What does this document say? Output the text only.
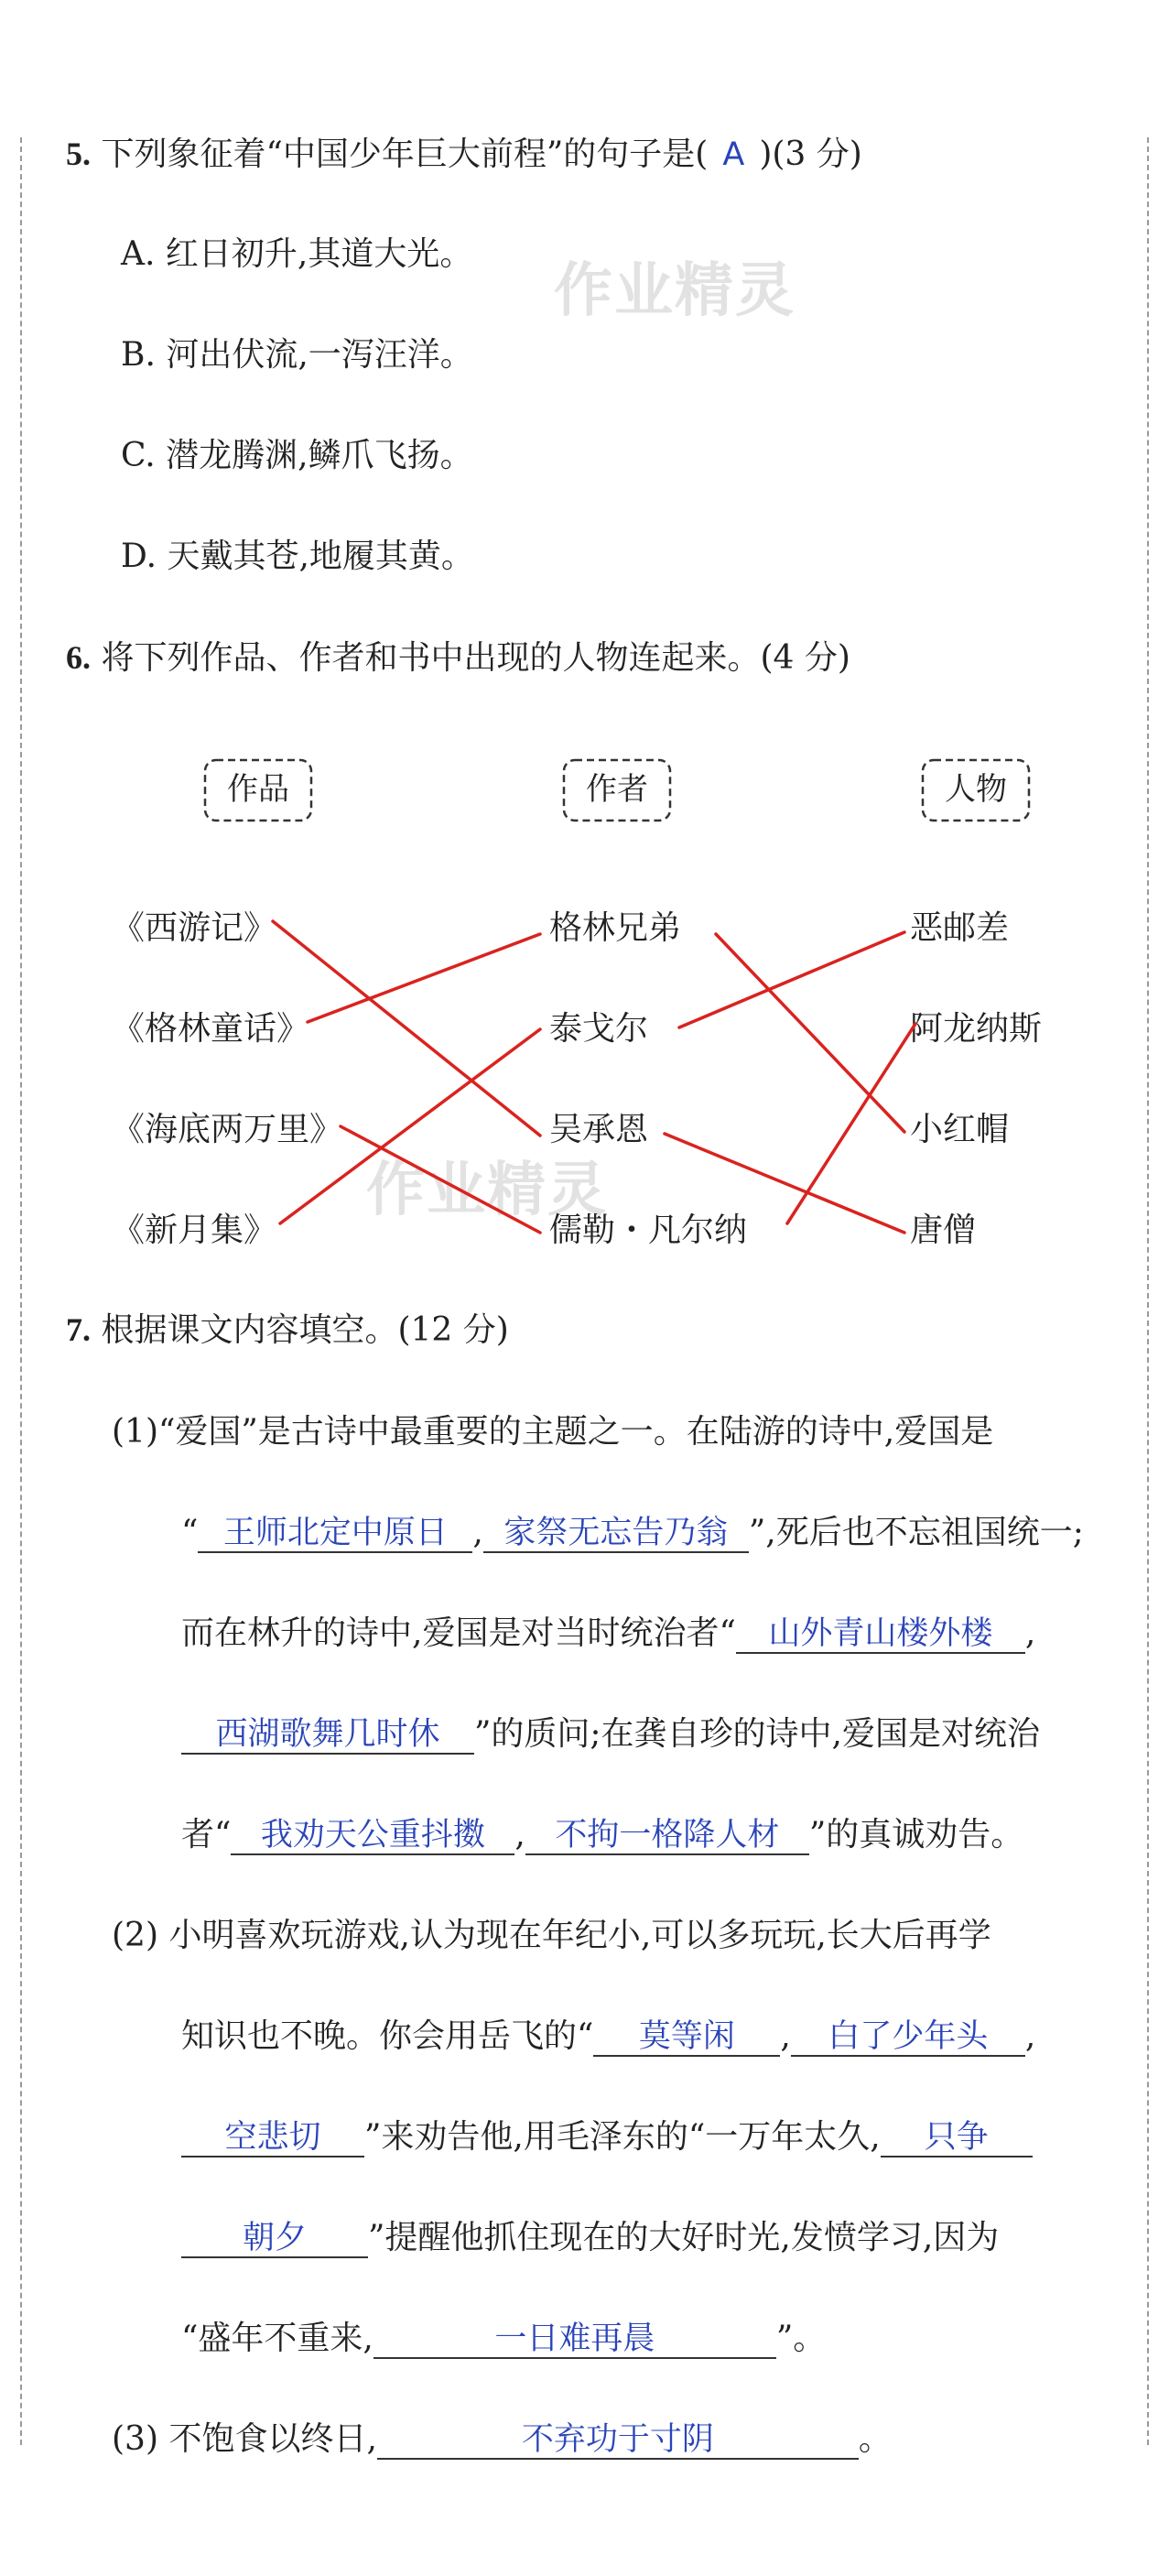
作业精灵
作业精灵
5. 下列象征着“中国少年巨大前程”的句子是( A )(3 分)
A. 红日初升,其道大光。
B. 河出伏流,一泻汪洋。
C. 潜龙腾渊,鳞爪飞扬。
D. 天戴其苍,地履其黄。
6. 将下列作品、作者和书中出现的人物连起来。(4 分)
作品	作者	人物
《西游记》
《格林童话》
《海底两万里》
《新月集》
格林兄弟
泰戈尔
吴承恩
儒勒・凡尔纳
恶邮差
阿龙纳斯
小红帽
唐僧
7. 根据课文内容填空。(12 分)
(1)“爱国”是古诗中最重要的主题之一。在陆游的诗中,爱国是
“ 王师北定中原日 , 家祭无忘告乃翁 ”,死后也不忘祖国统一;
而在林升的诗中,爱国是对当时统治者“ 山外青山楼外楼 ,
西湖歌舞几时休 ”的质问;在龚自珍的诗中,爱国是对统治
者“ 我劝天公重抖擞 , 不拘一格降人材 ”的真诚劝告。
(2) 小明喜欢玩游戏,认为现在年纪小,可以多玩玩,长大后再学
知识也不晚。你会用岳飞的“ 莫等闲 , 白了少年头 ,
空悲切 ”来劝告他,用毛泽东的“一万年太久, 只争
朝夕 ”提醒他抓住现在的大好时光,发愤学习,因为
“盛年不重来,	一日难再晨	”。
(3) 不饱食以终日,	不弃功于寸阴	。
